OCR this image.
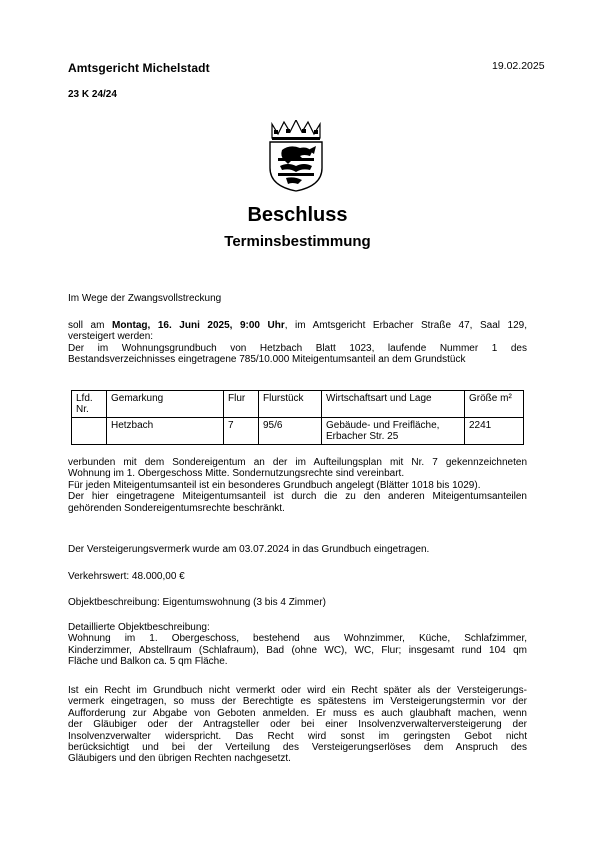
Amtsgericht Michelstadt	19.02.2025
23 K 24/24
Beschluss
Terminsbestimmung
Im Wege der Zwangsvollstreckung

soll am Montag, 16. Juni 2025, 9:00 Uhr, im Amtsgericht Erbacher Straße 47, Saal 129,

versteigert werden:

Der im Wohnungsgrundbuch von Hetzbach Blatt 1023, laufende Nummer 1 des

Bestandsverzeichnisses eingetragene 785/10.000 Miteigentumsanteil an dem Grundstück

Lfd. Nr.	Gemarkung	Flur	Flurstück	Wirtschaftsart und Lage	Größe m²
	Hetzbach	7	95/6	Gebäude- und Freifläche, Erbacher Str. 25	2241

verbunden mit dem Sondereigentum an der im Aufteilungsplan mit Nr. 7 gekennzeichneten

Wohnung im 1. Obergeschoss Mitte. Sondernutzungsrechte sind vereinbart.

Für jeden Miteigentumsanteil ist ein besonderes Grundbuch angelegt (Blätter 1018 bis 1029).

Der hier eingetragene Miteigentumsanteil ist durch die zu den anderen Miteigentumsanteilen

gehörenden Sondereigentumsrechte beschränkt.

Der Versteigerungsvermerk wurde am 03.07.2024 in das Grundbuch eingetragen.
Verkehrswert: 48.000,00 €
Objektbeschreibung: Eigentumswohnung (3 bis 4 Zimmer)

Detaillierte Objektbeschreibung:

Wohnung im 1. Obergeschoss, bestehend aus Wohnzimmer, Küche, Schlafzimmer,

Kinderzimmer, Abstellraum (Schlafraum), Bad (ohne WC), WC, Flur; insgesamt rund 104 qm

Fläche und Balkon ca. 5 qm Fläche.

Ist ein Recht im Grundbuch nicht vermerkt oder wird ein Recht später als der Versteigerungs-

vermerk eingetragen, so muss der Berechtigte es spätestens im Versteigerungstermin vor der

Aufforderung zur Abgabe von Geboten anmelden. Er muss es auch glaubhaft machen, wenn

der Gläubiger oder der Antragsteller oder bei einer Insolvenzverwalterversteigerung der

Insolvenzverwalter widerspricht. Das Recht wird sonst im geringsten Gebot nicht

berücksichtigt und bei der Verteilung des Versteigerungserlöses dem Anspruch des

Gläubigers und den übrigen Rechten nachgesetzt.
